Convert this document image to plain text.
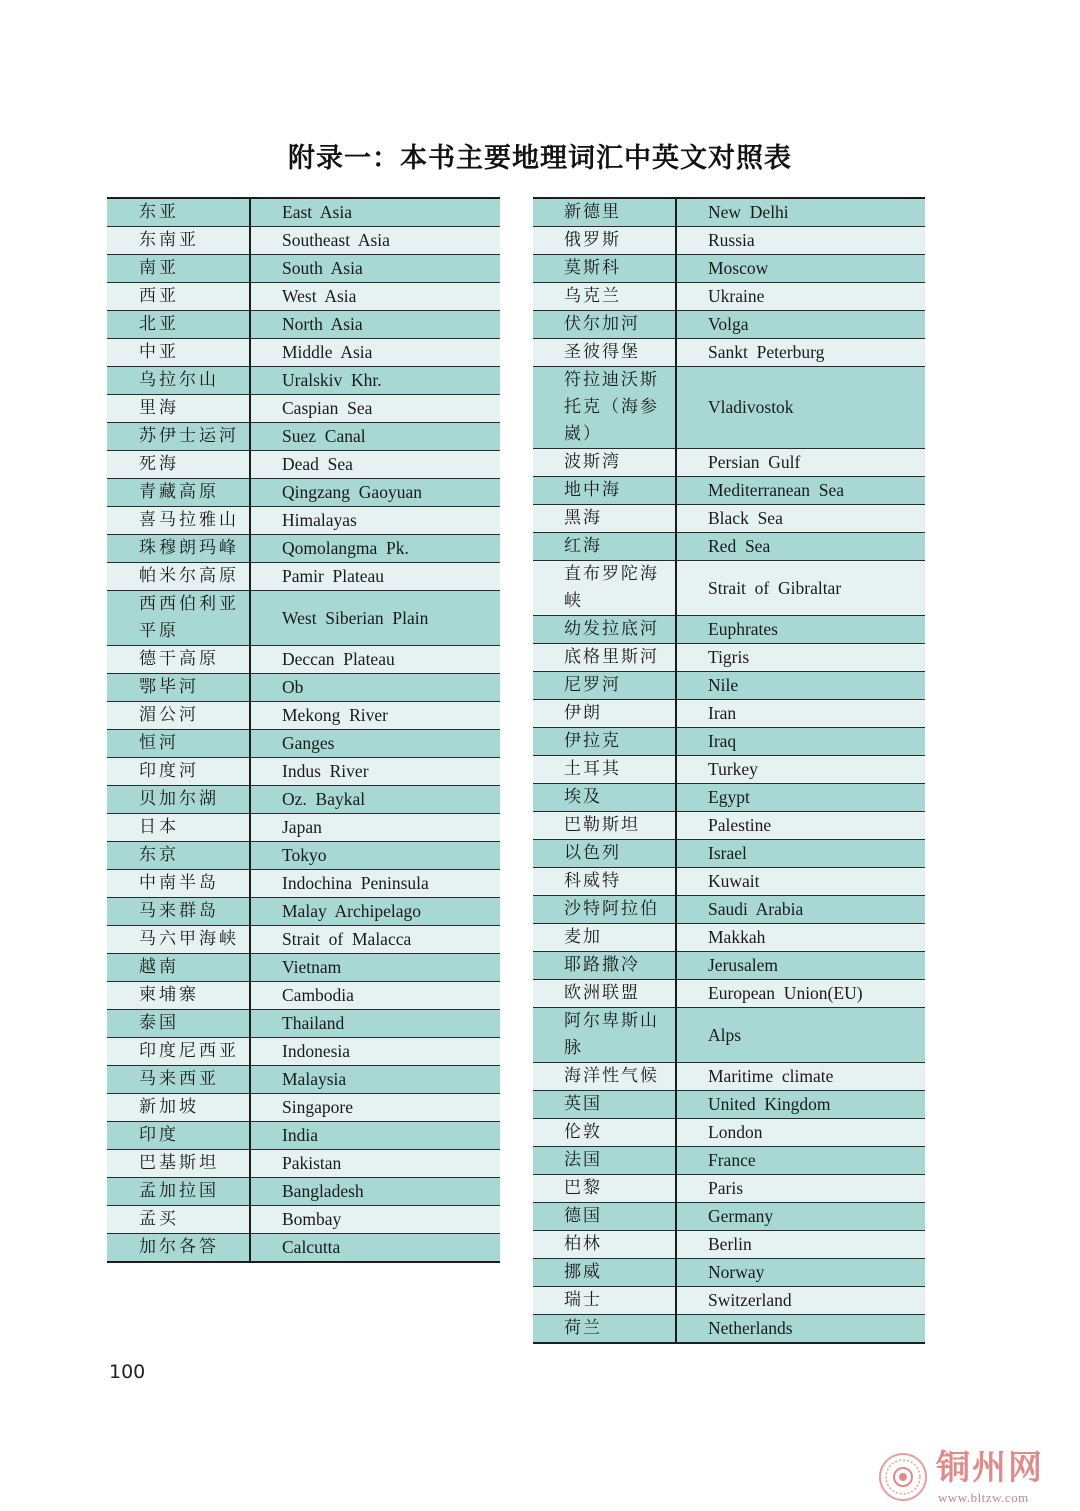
附录一：本书主要地理词汇中英文对照表
东亚	East  Asia
东南亚	Southeast  Asia
南亚	South  Asia
西亚	West  Asia
北亚	North  Asia
中亚	Middle  Asia
乌拉尔山	Uralskiv  Khr.
里海	Caspian  Sea
苏伊士运河	Suez  Canal
死海	Dead  Sea
青藏高原	Qingzang  Gaoyuan
喜马拉雅山	Himalayas
珠穆朗玛峰	Qomolangma  Pk.
帕米尔高原	Pamir  Plateau
西西伯利亚平原	West  Siberian  Plain
德干高原	Deccan  Plateau
鄂毕河	Ob
湄公河	Mekong  River
恒河	Ganges
印度河	Indus  River
贝加尔湖	Oz.  Baykal
日本	Japan
东京	Tokyo
中南半岛	Indochina  Peninsula
马来群岛	Malay  Archipelago
马六甲海峡	Strait  of  Malacca
越南	Vietnam
柬埔寨	Cambodia
泰国	Thailand
印度尼西亚	Indonesia
马来西亚	Malaysia
新加坡	Singapore
印度	India
巴基斯坦	Pakistan
孟加拉国	Bangladesh
孟买	Bombay
加尔各答	Calcutta
新德里	New  Delhi
俄罗斯	Russia
莫斯科	Moscow
乌克兰	Ukraine
伏尔加河	Volga
圣彼得堡	Sankt  Peterburg
符拉迪沃斯托克（海参崴）	Vladivostok
波斯湾	Persian  Gulf
地中海	Mediterranean  Sea
黑海	Black  Sea
红海	Red  Sea
直布罗陀海峡	Strait  of  Gibraltar
幼发拉底河	Euphrates
底格里斯河	Tigris
尼罗河	Nile
伊朗	Iran
伊拉克	Iraq
土耳其	Turkey
埃及	Egypt
巴勒斯坦	Palestine
以色列	Israel
科威特	Kuwait
沙特阿拉伯	Saudi  Arabia
麦加	Makkah
耶路撒冷	Jerusalem
欧洲联盟	European  Union(EU)
阿尔卑斯山脉	Alps
海洋性气候	Maritime  climate
英国	United  Kingdom
伦敦	London
法国	France
巴黎	Paris
德国	Germany
柏林	Berlin
挪威	Norway
瑞士	Switzerland
荷兰	Netherlands
100
铜州网
www.bltzw.com
